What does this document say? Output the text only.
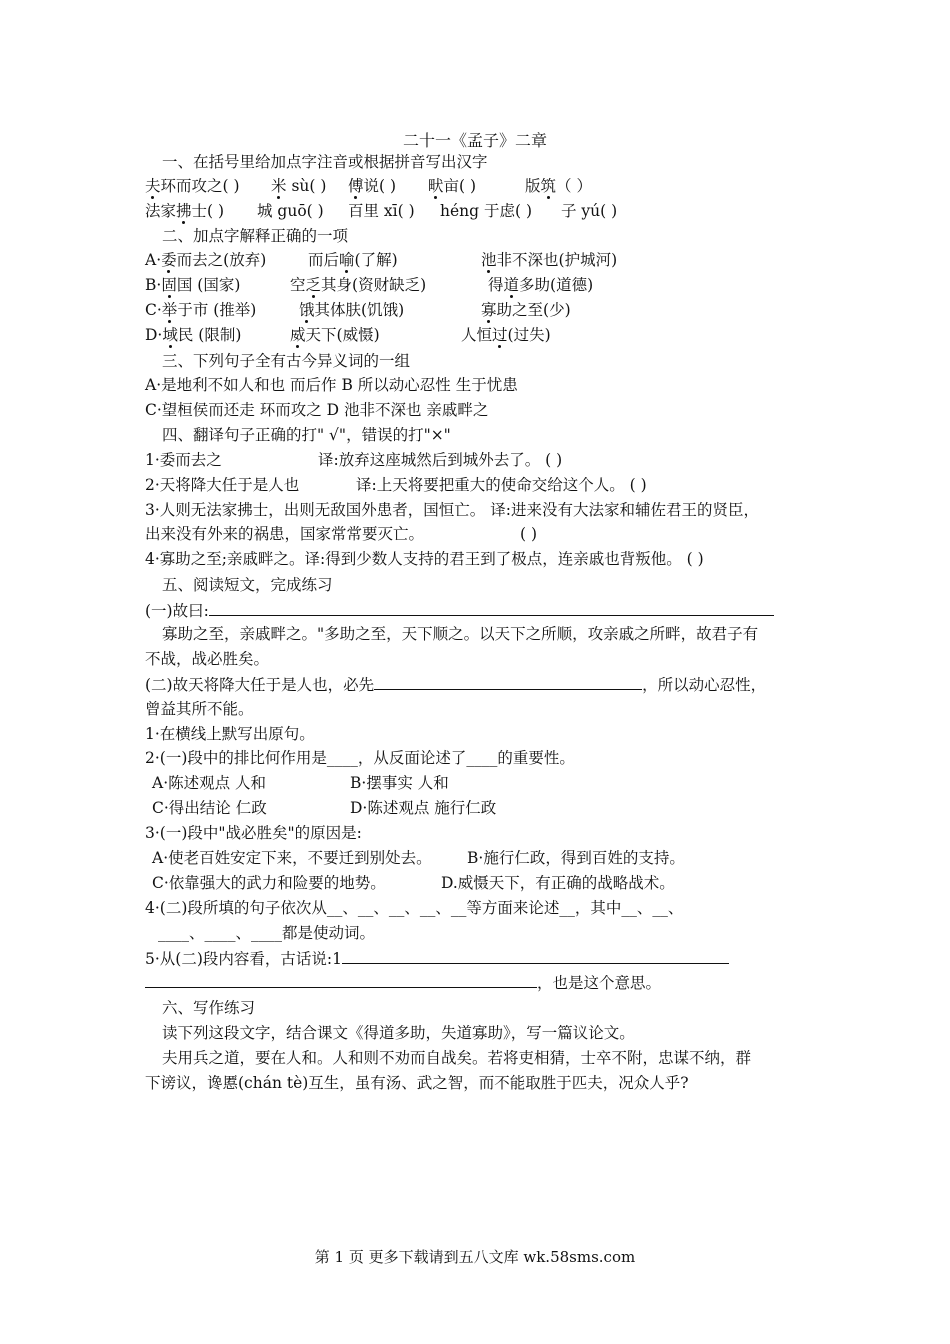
二十一《孟子》二章
一、在括号里给加点字注音或根据拼音写出汉字
夫环而攻之( ) 米 sù( ) 傅说( ) 畎亩( )	版筑（ ）
法家拂士( ) 城 guō( ) 百里 xī( ) héng 于虑( ) 子 yú( )
二、加点字解释正确的一项
A·委而去之(放弃)	而后喻(了解)	池非不深也(护城河)
B·固国 (国家)	空乏其身(资财缺乏)	得道多助(道德)
C·举于市 (推举)	饿其体肤(饥饿)	寡助之至(少)
D·域民 (限制)	威天下(威慑)	人恒过(过失)
三、下列句子全有古今异义词的一组
A·是地利不如人和也 而后作 B 所以动心忍性 生于忧患
C·望桓侯而还走 环而攻之 D 池非不深也 亲戚畔之
四、翻译句子正确的打" √"，错误的打"×"
1·委而去之	译:放弃这座城然后到城外去了。 ( )
2·天将降大任于是人也	译:上天将要把重大的使命交给这个人。 ( )
3·人则无法家拂士，出则无敌国外患者，国恒亡。 译:进来没有大法家和辅佐君王的贤臣，
出来没有外来的祸患，国家常常要灭亡。	( )
4·寡助之至;亲戚畔之。译:得到少数人支持的君王到了极点，连亲戚也背叛他。 ( )
五、阅读短文，完成练习
(一)故曰:
寡助之至，亲戚畔之。"多助之至，天下顺之。以天下之所顺，攻亲戚之所畔，故君子有
不战，战必胜矣。
(二)故天将降大任于是人也，必先	，所以动心忍性，
曾益其所不能。
1·在横线上默写出原句。
2·(一)段中的排比何作用是____，从反面论述了____的重要性。
A·陈述观点 人和	B·摆事实 人和
C·得出结论 仁政	D·陈述观点 施行仁政
3·(一)段中"战必胜矣"的原因是:
A·使老百姓安定下来，不要迁到别处去。 B·施行仁政，得到百姓的支持。
C·依靠强大的武力和险要的地势。	D.威慑天下，有正确的战略战术。
4·(二)段所填的句子依次从__、__、__、__、__等方面来论述__，其中__、__、
____、____、____都是使动词。
5·从(二)段内容看，古话说:1
，也是这个意思。
六、写作练习
读下列这段文字，结合课文《得道多助，失道寡助》，写一篇议论文。
夫用兵之道，要在人和。人和则不劝而自战矣。若将吏相猜，士卒不附，忠谋不纳，群
下谤议，谗慝(chán tè)互生，虽有汤、武之智，而不能取胜于匹夫，况众人乎?
第 1 页 更多下载请到五八文库 wk.58sms.com
